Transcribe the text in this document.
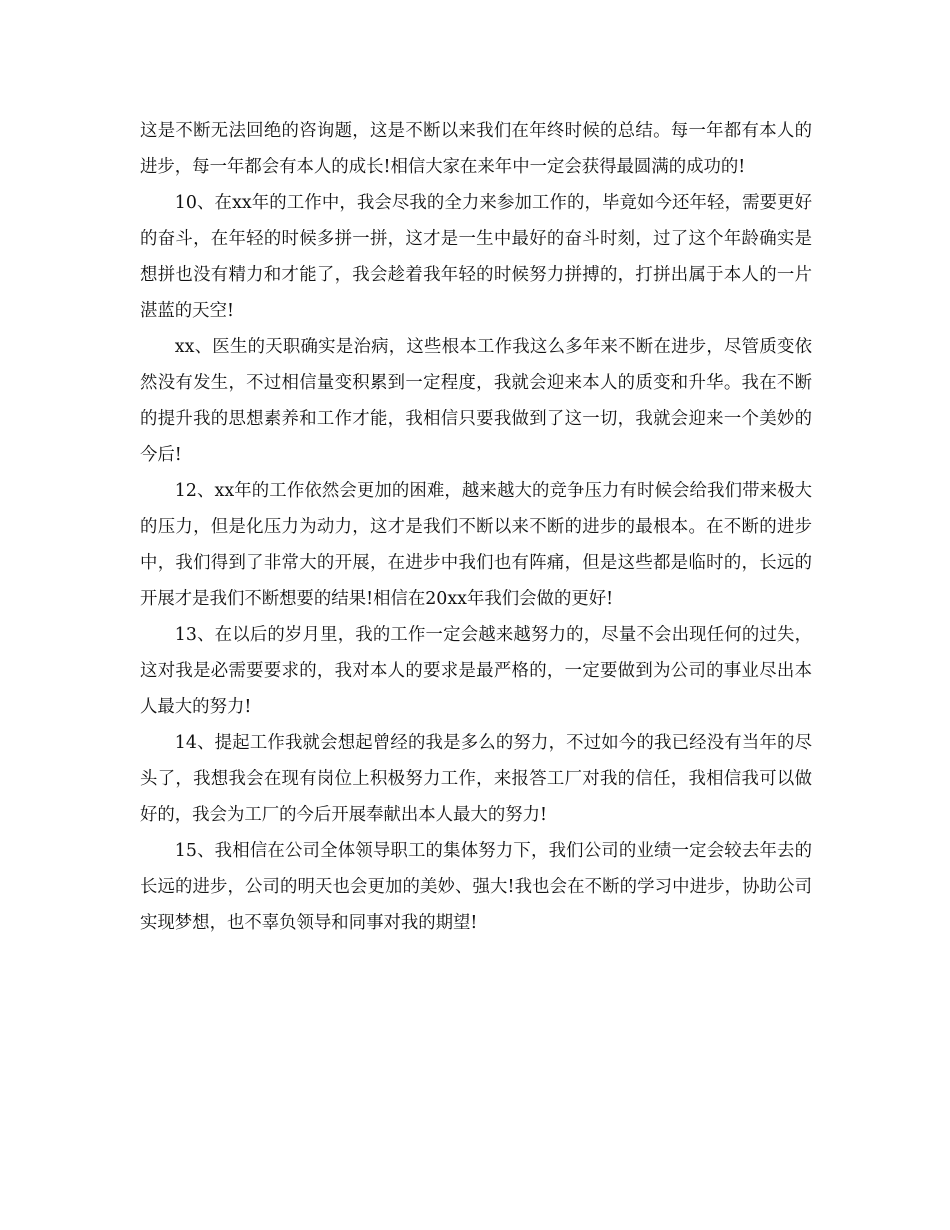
这是不断无法回绝的咨询题，这是不断以来我们在年终时候的总结。每一年都有本人的进步，每一年都会有本人的成长!相信大家在来年中一定会获得最圆满的成功的!

10、在xx年的工作中，我会尽我的全力来参加工作的，毕竟如今还年轻，需要更好的奋斗，在年轻的时候多拼一拼，这才是一生中最好的奋斗时刻，过了这个年龄确实是想拼也没有精力和才能了，我会趁着我年轻的时候努力拼搏的，打拼出属于本人的一片湛蓝的天空!

xx、医生的天职确实是治病，这些根本工作我这么多年来不断在进步，尽管质变依然没有发生，不过相信量变积累到一定程度，我就会迎来本人的质变和升华。我在不断的提升我的思想素养和工作才能，我相信只要我做到了这一切，我就会迎来一个美妙的今后!

12、xx年的工作依然会更加的困难，越来越大的竞争压力有时候会给我们带来极大的压力，但是化压力为动力，这才是我们不断以来不断的进步的最根本。在不断的进步中，我们得到了非常大的开展，在进步中我们也有阵痛，但是这些都是临时的，长远的开展才是我们不断想要的结果!相信在20xx年我们会做的更好!

13、在以后的岁月里，我的工作一定会越来越努力的，尽量不会出现任何的过失，这对我是必需要要求的，我对本人的要求是最严格的，一定要做到为公司的事业尽出本人最大的努力!

14、提起工作我就会想起曾经的我是多么的努力，不过如今的我已经没有当年的尽头了，我想我会在现有岗位上积极努力工作，来报答工厂对我的信任，我相信我可以做好的，我会为工厂的今后开展奉献出本人最大的努力!

15、我相信在公司全体领导职工的集体努力下，我们公司的业绩一定会较去年去的长远的进步，公司的明天也会更加的美妙、强大!我也会在不断的学习中进步，协助公司实现梦想，也不辜负领导和同事对我的期望!
